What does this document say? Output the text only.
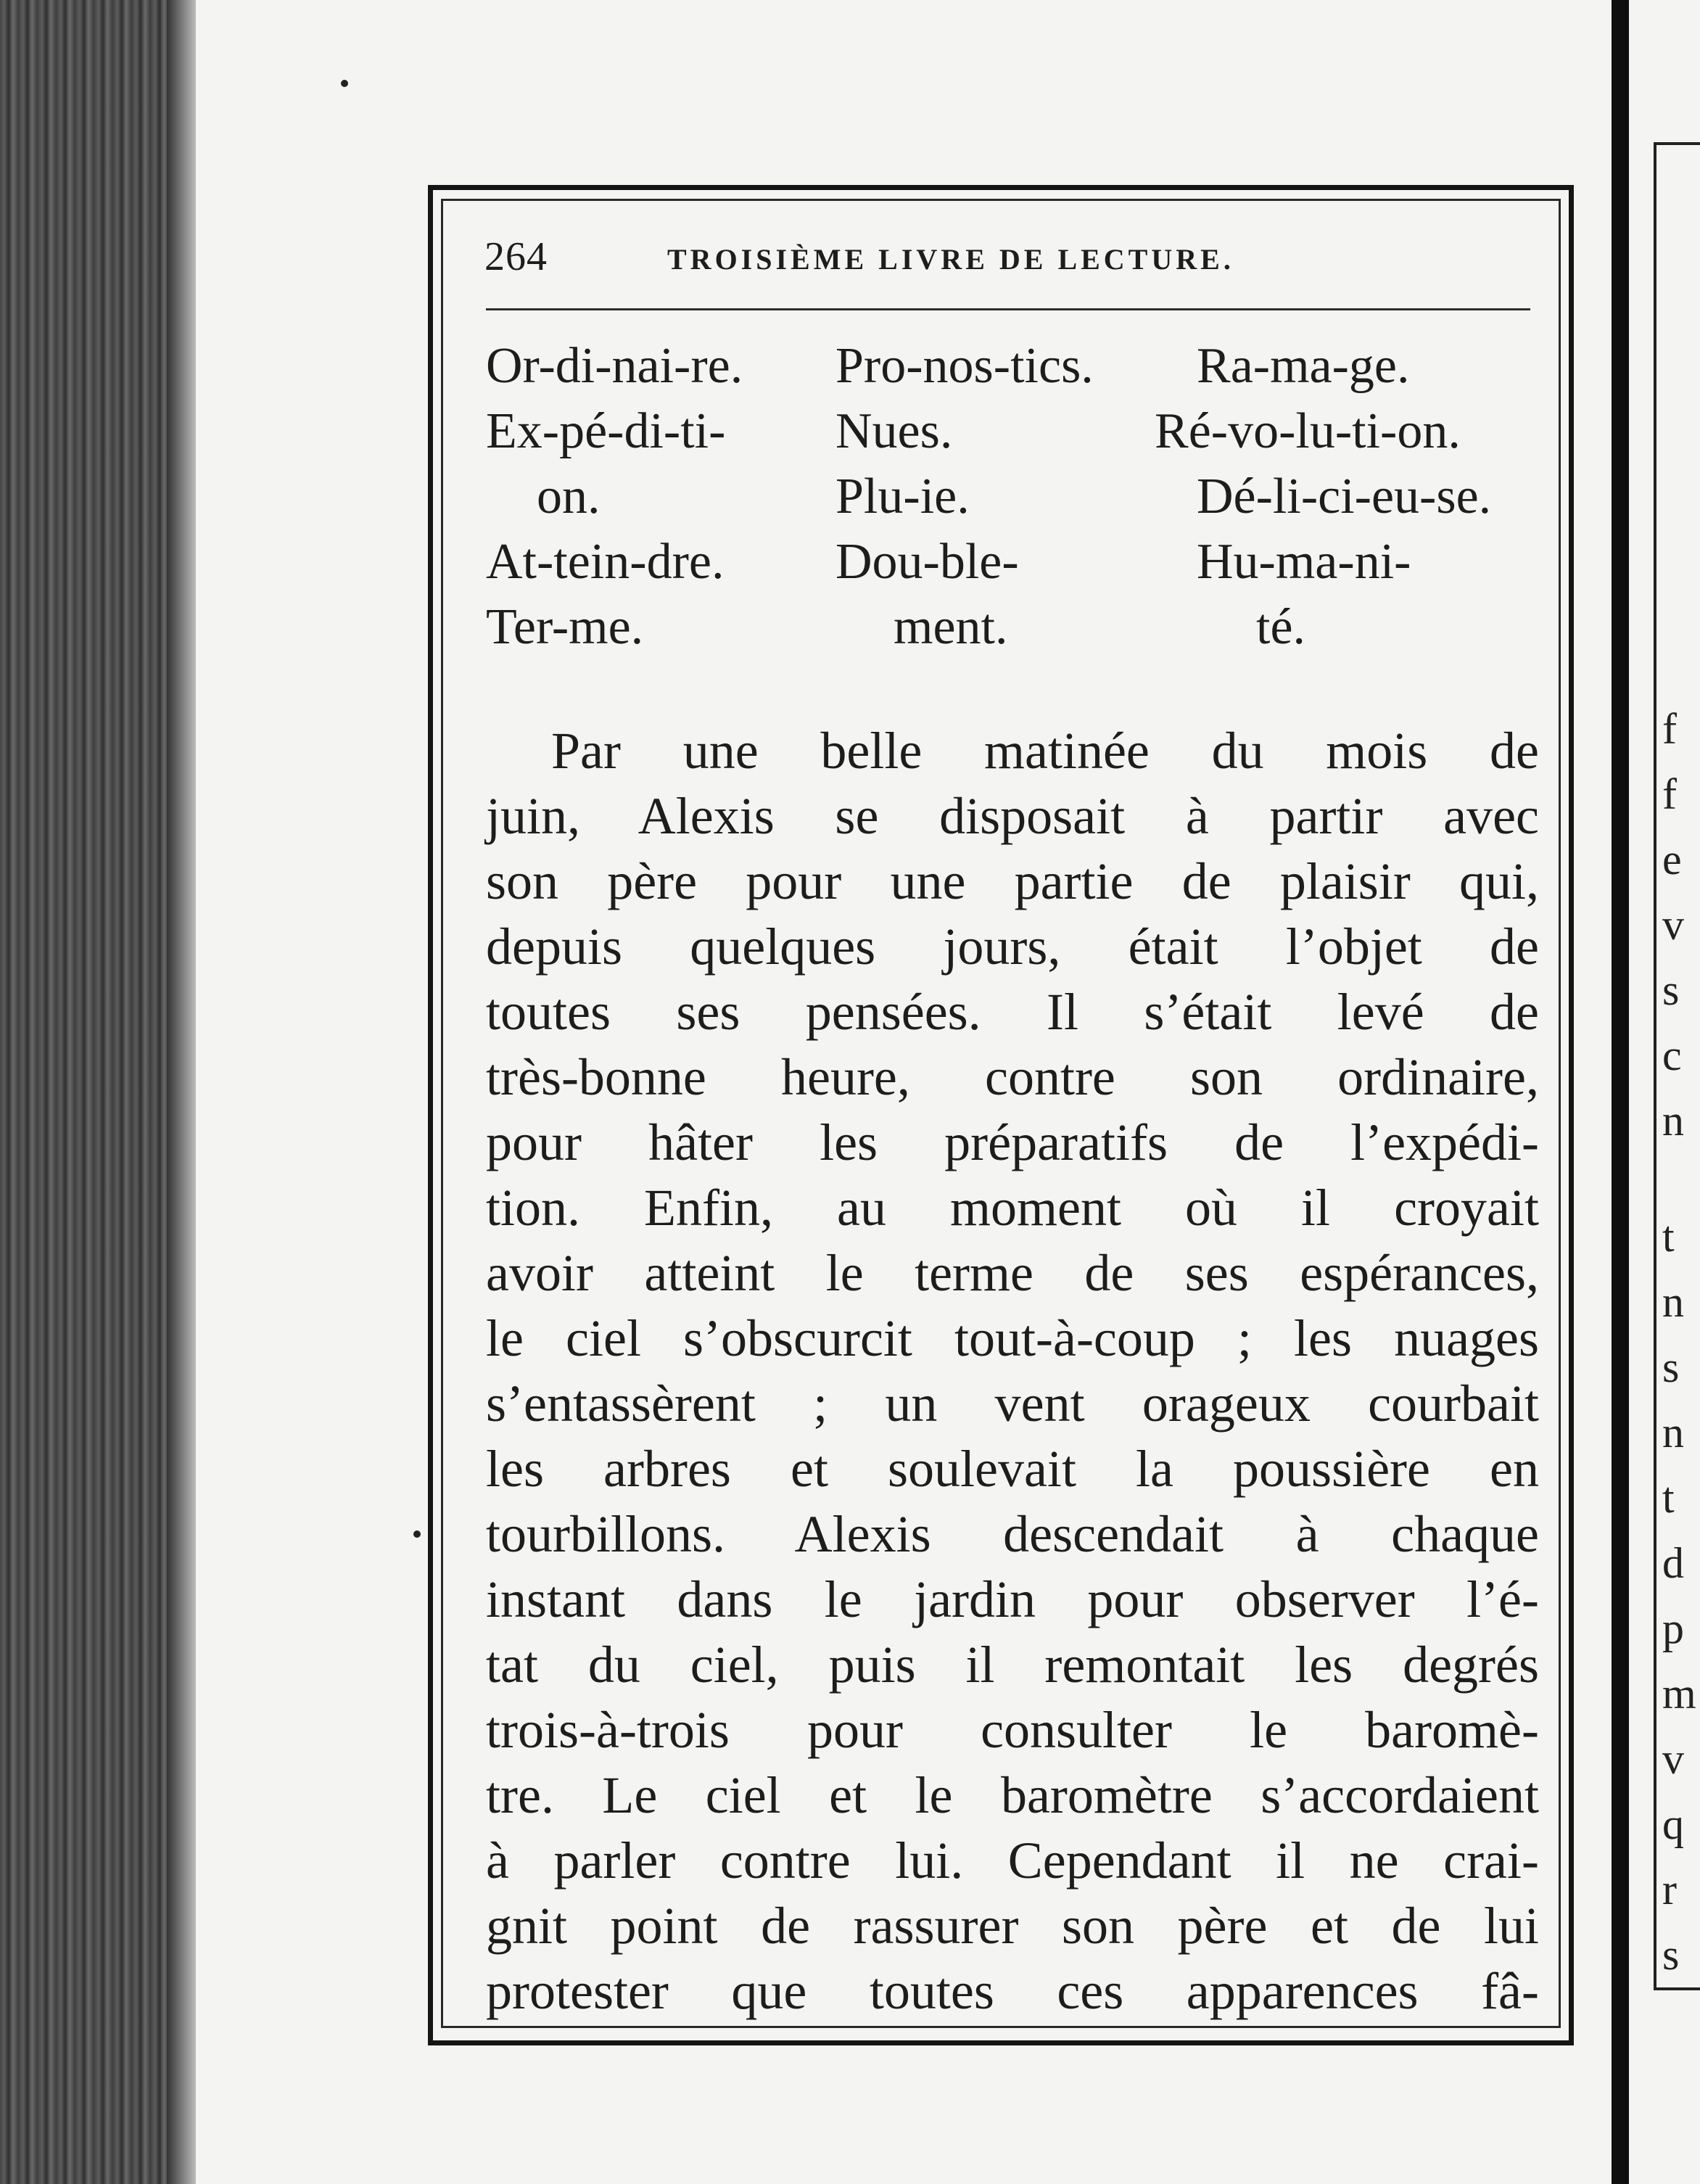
f
f
e
v
s
c
n
t
n
s
n
t
d
p
m
v
q
r
s
264	TROISIÈME LIVRE DE LECTURE.
Or-di-nai-re.
Ex-pé-di-ti-
on.
At-tein-dre.
Ter-me.
Pro-nos-tics.
Nues.
Plu-ie.
Dou-ble-
ment.
Ra-ma-ge.
Ré-vo-lu-ti-on.
Dé-li-ci-eu-se.
Hu-ma-ni-
té.
Par une belle matinée du mois de
juin, Alexis se disposait à partir avec
son père pour une partie de plaisir qui,
depuis quelques jours, était l’objet de
toutes ses pensées. Il s’était levé de
très-bonne heure, contre son ordinaire,
pour hâter les préparatifs de l’expédi-
tion. Enfin, au moment où il croyait
avoir atteint le terme de ses espérances,
le ciel s’obscurcit tout-à-coup ; les nuages
s’entassèrent ; un vent orageux courbait
les arbres et soulevait la poussière en
tourbillons. Alexis descendait à chaque
instant dans le jardin pour observer l’é-
tat du ciel, puis il remontait les degrés
trois-à-trois pour consulter le baromè-
tre. Le ciel et le baromètre s’accordaient
à parler contre lui. Cependant il ne crai-
gnit point de rassurer son père et de lui
protester que toutes ces apparences fâ-
